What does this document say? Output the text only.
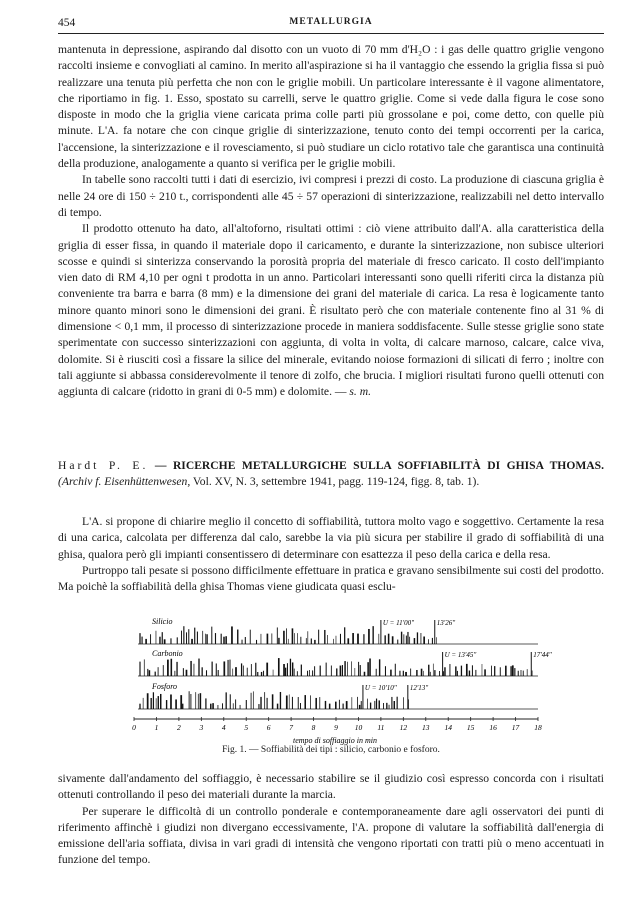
454	METALLURGIA

mantenuta in depressione, aspirando dal disotto con un vuoto di 70 mm d'H₂O : i gas delle quattro griglie vengono raccolti insieme e convogliati al camino. In merito all'aspirazione si ha il vantaggio che essendo la griglia fissa si può realizzare una tenuta più perfetta che non con le griglie mobili. Un particolare interessante è il vagone alimentatore, che riportiamo in fig. 1. Esso, spostato su carrelli, serve le quattro griglie. Come si vede dalla figura le cose sono disposte in modo che la griglia viene caricata prima colle parti più grossolane e poi, come detto, con quelle più minute. L'A. fa notare che con cinque griglie di sinterizzazione, tenuto conto dei tempi occorrenti per la carica, l'accensione, la sinterizzazione e il rovesciamento, si può studiare un ciclo rotativo tale che garantisca una continuità della produzione, analogamente a quanto si verifica per le griglie mobili.

In tabelle sono raccolti tutti i dati di esercizio, ivi compresi i prezzi di costo. La produzione di ciascuna griglia è nelle 24 ore di 150 ÷ 210 t., corrispondenti alle 45 ÷ 57 operazioni di sinterizzazione, realizzabili nel detto intervallo di tempo.

Il prodotto ottenuto ha dato, all'altoforno, risultati ottimi : ciò viene attribuito dall'A. alla caratteristica della griglia di esser fissa, in quando il materiale dopo il caricamento, e durante la sinterizzazione, non subisce ulteriori scosse e quindi si sinterizza conservando la porosità propria del materiale di fresco caricato. Il costo dell'impianto vien dato di RM 4,10 per ogni t prodotta in un anno. Particolari interessanti sono quelli riferiti circa la distanza più conveniente tra barra e barra (8 mm) e la dimensione dei grani del materiale di carica. La resa è logicamente tanto minore quanto minori sono le dimensioni dei grani. È risultato però che con materiale contenente fino al 31 % di dimensione < 0,1 mm, il processo di sinterizzazione procede in maniera soddisfacente. Sulle stesse griglie sono state sperimentate con successo sinterizzazioni con aggiunta, di volta in volta, di calcare marnoso, calcare, calce viva, dolomite. Si è riusciti così a fissare la silice del minerale, evitando noiose formazioni di silicati di ferro ; inoltre con tali aggiunte si abbassa considerevolmente il tenore di zolfo, che brucia. I migliori risultati furono quelli ottenuti con aggiunta di calcare (ridotto in grani di 0-5 mm) e dolomite. — s. m.

Hardt P. E. — RICERCHE METALLURGICHE SULLA SOFFIABILITÀ DI GHISA THOMAS. (Archiv f. Eisenhüttenwesen, Vol. XV, N. 3, settembre 1941, pagg. 119-124, figg. 8, tab. 1).

L'A. si propone di chiarire meglio il concetto di soffiabilità, tuttora molto vago e soggettivo. Certamente la resa di una carica, calcolata per differenza dal calo, sarebbe la via più sicura per stabilire il grado di soffiabilità di una ghisa, qualora però gli impianti consentissero di determinare con esattezza il peso della carica e della resa.

Purtroppo tali pesate si possono difficilmente effettuare in pratica e gravano sensibilmente sui costi del prodotto. Ma poichè la soffiabilità della ghisa Thomas viene giudicata quasi esclu-

Silicio	U = 11'00"	13'26"
Carbonio	U = 13'45"	17'44"
Fosforo	U = 10'10" 12'13"
0 1 2 3 4 5 6 7 8 9 10 11 12 13 14 15 16 17 18
tempo di soffiaggio in min
Fig. 1. — Soffiabilità dei tipi : silicio, carbonio e fosforo.

sivamente dall'andamento del soffiaggio, è necessario stabilire se il giudizio così espresso concorda con i risultati ottenuti controllando il peso dei materiali durante la marcia.

Per superare le difficoltà di un controllo ponderale e contemporaneamente dare agli osservatori dei punti di riferimento affinchè i giudizi non divergano eccessivamente, l'A. propone di valutare la soffiabilità dall'energia di emissione dell'aria soffiata, divisa in vari gradi di intensità che vengono riportati con tratti più o meno accentuati in funzione del tempo.
